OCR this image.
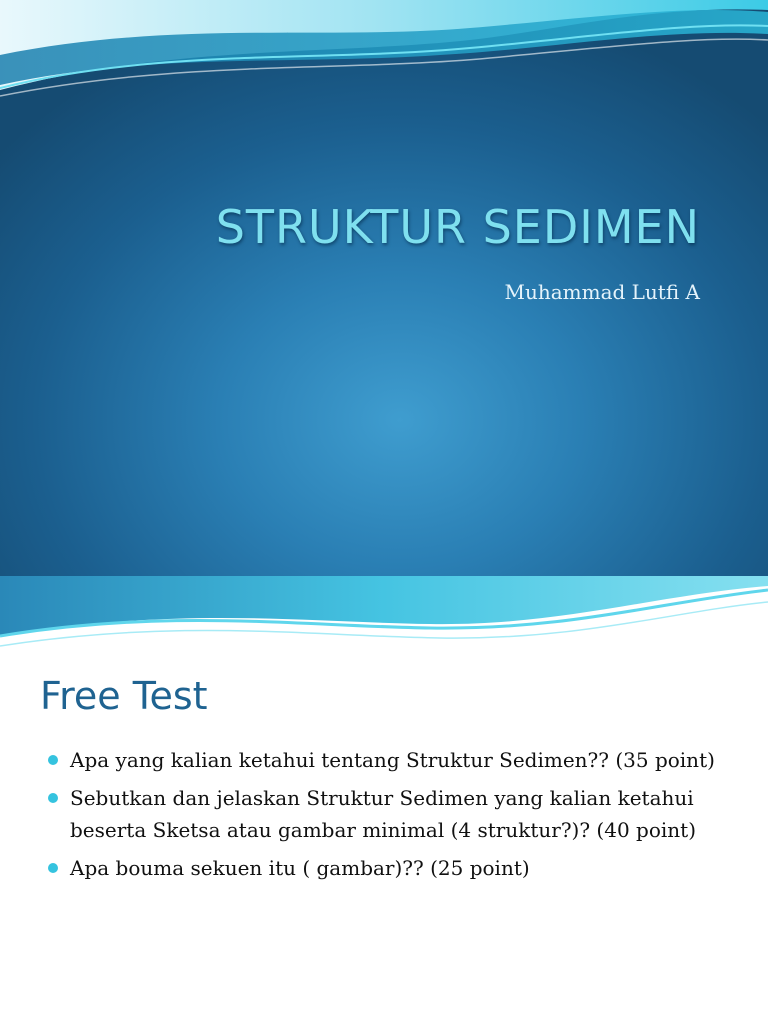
STRUKTUR SEDIMEN
Muhammad Lutfi A
Free Test
Apa yang kalian ketahui tentang Struktur Sedimen?? (35 point)
Sebutkan dan jelaskan Struktur Sedimen yang kalian ketahui beserta Sketsa atau gambar minimal (4 struktur?)? (40 point)
Apa bouma sekuen itu ( gambar)?? (25 point)
